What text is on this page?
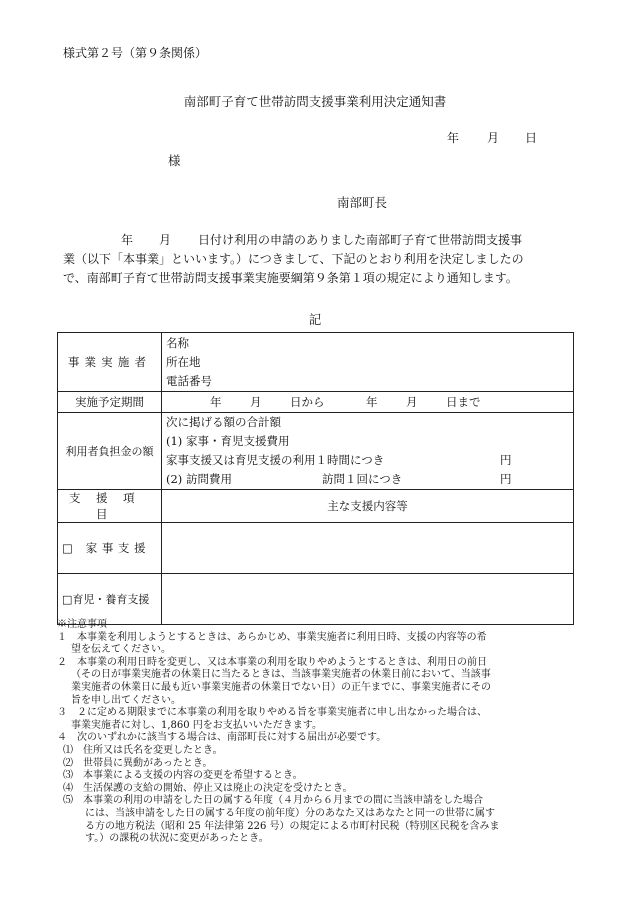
様式第２号（第９条関係）
南部町子育て世帯訪問支援事業利用決定通知書
年 月 日
様
南部町長
年 月 日付け利用の申請のありました南部町子育て世帯訪問支援事
業（以下「本事業」といいます。）につきまして、下記のとおり利用を決定しましたの
で、南部町子育て世帯訪問支援事業実施要綱第９条第１項の規定により通知します。
記
事業実施者	名称
所在地
電話番号

実施予定期間	年 月 日から 年 月 日まで
利用者負担金の額	次に掲げる額の合計額
(1) 家事・育児支援費用
家事支援又は育児支援の利用１時間につき 円
(2) 訪問費用 訪問１回につき 円

支援項目	主な支援内容等
□ 家事支援	
□育児・養育支援	
※注意事項
１　本事業を利用しようとするときは、あらかじめ、事業実施者に利用日時、支援の内容等の希
望を伝えてください。
２　本事業の利用日時を変更し、又は本事業の利用を取りやめようとするときは、利用日の前日
（その日が事業実施者の休業日に当たるときは、当該事業実施者の休業日前において、当該事
業実施者の休業日に最も近い事業実施者の休業日でない日）の正午までに、事業実施者にその
旨を申し出てください。
３　２に定める期限までに本事業の利用を取りやめる旨を事業実施者に申し出なかった場合は、
事業実施者に対し、1,860 円をお支払いいただきます。
４　次のいずれかに該当する場合は、南部町長に対する届出が必要です。
⑴　住所又は氏名を変更したとき。
⑵　世帯員に異動があったとき。
⑶　本事業による支援の内容の変更を希望するとき。
⑷　生活保護の支給の開始、停止又は廃止の決定を受けたとき。
⑸　本事業の利用の申請をした日の属する年度（４月から６月までの間に当該申請をした場合
には、当該申請をした日の属する年度の前年度）分のあなた又はあなたと同一の世帯に属す
る方の地方税法（昭和 25 年法律第 226 号）の規定による市町村民税（特別区民税を含みま
す。）の課税の状況に変更があったとき。
